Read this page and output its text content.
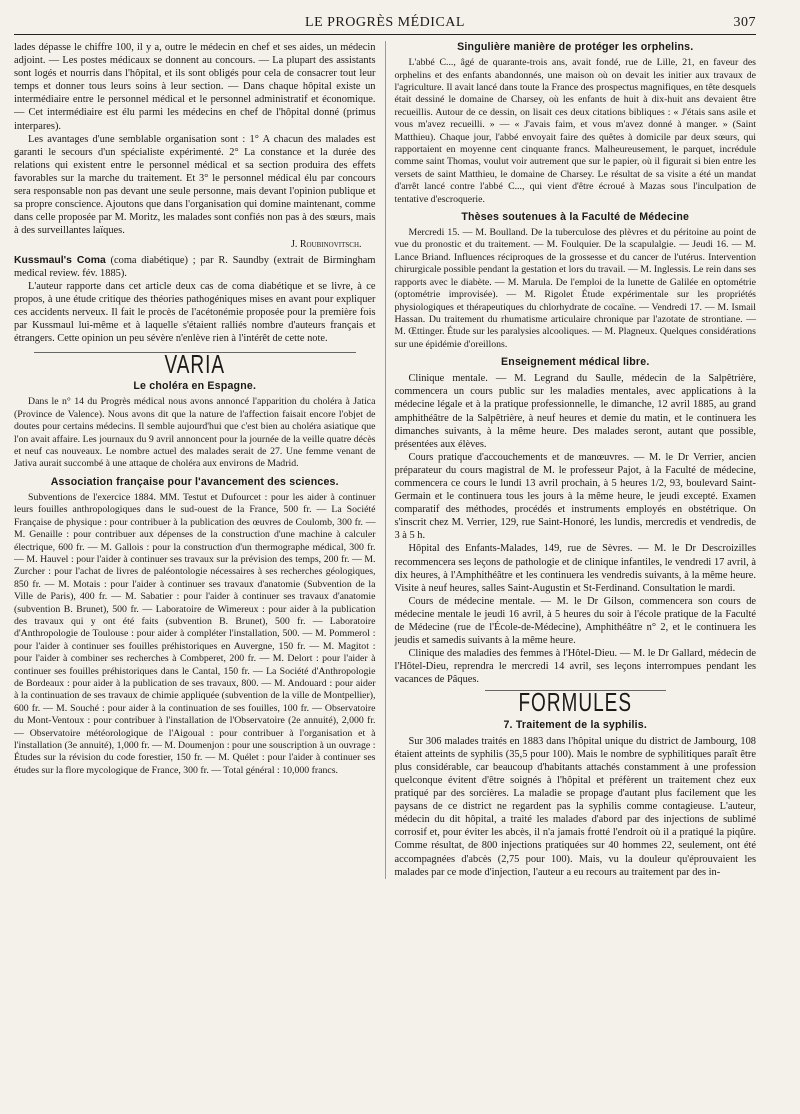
LE PROGRÈS MÉDICAL	307

lades dépasse le chiffre 100, il y a, outre le médecin en chef et ses aides, un médecin adjoint. — Les postes médicaux se donnent au concours. — La plupart des assistants sont logés et nourris dans l'hôpital, et ils sont obligés pour cela de consacrer tout leur temps et donner tous leurs soins à leur section. — Dans chaque hôpital existe un intermédiaire entre le personnel médical et le personnel administratif et économique. — Cet intermédiaire est élu parmi les médecins en chef de l'hôpital donné (primus interpares).

Les avantages d'une semblable organisation sont : 1° A chacun des malades est garanti le secours d'un spécialiste expérimenté. 2° La constance et la durée des relations qui existent entre le personnel médical et sa section produira des effets favorables sur la marche du traitement. Et 3° le personnel médical élu par concours sera responsable non pas devant une seule personne, mais devant l'opinion publique et sa propre conscience. Ajoutons que dans l'organisation qui domine maintenant, comme dans celle proposée par M. Moritz, les malades sont confiés non pas à des sœurs, mais à des surveillantes laïques.

J. Roubinovitsch.

Kussmaul's Coma (coma diabétique) ; par R. Saundby (extrait de Birmingham medical review. fév. 1885).

L'auteur rapporte dans cet article deux cas de coma diabétique et se livre, à ce propos, à une étude critique des théories pathogéniques mises en avant pour expliquer ces accidents nerveux. Il fait le procès de l'acétonémie proposée pour la première fois par Kussmaul lui-même et à laquelle s'étaient ralliés nombre d'auteurs français et étrangers. Cette opinion un peu sévère n'enlève rien à l'intérêt de cette note.

VARIA
Le choléra en Espagne.

Dans le n° 14 du Progrès médical nous avons annoncé l'apparition du choléra à Jatica (Province de Valence). Nous avons dit que la nature de l'affection faisait encore l'objet de doutes pour certains médecins. Il semble aujourd'hui que c'est bien au choléra asiatique que l'on avait affaire. Les journaux du 9 avril annoncent pour la journée de la veille quatre décès et neuf cas nouveaux. Le nombre actuel des malades serait de 27. Une femme venant de Jativa aurait succombé à une attaque de choléra aux environs de Madrid.

Association française pour l'avancement des sciences.

Subventions de l'exercice 1884. MM. Testut et Dufourcet : pour les aider à continuer leurs fouilles anthropologiques dans le sud-ouest de la France, 500 fr. — La Société Française de physique : pour contribuer à la publication des œuvres de Coulomb, 300 fr. — M. Genaille : pour contribuer aux dépenses de la construction d'une machine à calculer électrique, 600 fr. — M. Gallois : pour la construction d'un thermographe médical, 300 fr. — M. Hauvel : pour l'aider à continuer ses travaux sur la prévision des temps, 200 fr. — M. Zurcher : pour l'achat de livres de paléontologie nécessaires à ses recherches géologiques, 850 fr. — M. Motais : pour l'aider à continuer ses travaux d'anatomie (Subvention de la Ville de Paris), 400 fr. — M. Sabatier : pour l'aider à continuer ses travaux d'anatomie (subvention B. Brunet), 500 fr. — Laboratoire de Wimereux : pour aider à la publication des travaux qui y ont été faits (subvention B. Brunet), 500 fr. — Laboratoire d'Anthropologie de Toulouse : pour aider à compléter l'installation, 500. — M. Pommerol : pour l'aider à continuer ses fouilles préhistoriques en Auvergne, 150 fr. — M. Magitot : pour l'aider à combiner ses recherches à Combperet, 200 fr. — M. Delort : pour l'aider à continuer ses fouilles préhistoriques dans le Cantal, 150 fr. — La Société d'Anthropologie de Bordeaux : pour aider à la publication de ses travaux, 800. — M. Andouard : pour aider à la continuation de ses travaux de chimie appliquée (subvention de la ville de Montpellier), 600 fr. — M. Souché : pour aider à la continuation de ses fouilles, 100 fr. — Observatoire du Mont-Ventoux : pour contribuer à l'installation de l'Observatoire (2e annuité), 2,000 fr. — Observatoire météorologique de l'Aigoual : pour contribuer à l'organisation et à l'installation (3e annuité), 1,000 fr. — M. Doumenjon : pour une souscription à un ouvrage : Études sur la révision du code forestier, 150 fr. — M. Quélet : pour l'aider à continuer ses études sur la flore mycologique de France, 300 fr. — Total général : 10,000 francs.

Singulière manière de protéger les orphelins.

L'abbé C..., âgé de quarante-trois ans, avait fondé, rue de Lille, 21, en faveur des orphelins et des enfants abandonnés, une maison où on devait les initier aux travaux de l'agriculture. Il avait lancé dans toute la France des prospectus magnifiques, en tête desquels était dessiné le domaine de Charsey, où les enfants de huit à dix-huit ans devaient être recueillis. Autour de ce dessin, on lisait ces deux citations bibliques : « J'étais sans asile et vous m'avez recueilli. » — « J'avais faim, et vous m'avez donné à manger. » (Saint Matthieu). Chaque jour, l'abbé envoyait faire des quêtes à domicile par deux sœurs, qui rapportaient en moyenne cent cinquante francs. Malheureusement, le parquet, incrédule comme saint Thomas, voulut voir autrement que sur le papier, où il figurait si bien entre les versets de saint Matthieu, le domaine de Charsey. Le résultat de sa visite a été un mandat d'arrêt lancé contre l'abbé C..., qui vient d'être écroué à Mazas sous l'inculpation de tentative d'escroquerie.

Thèses soutenues à la Faculté de Médecine

Mercredi 15. — M. Boulland. De la tuberculose des plèvres et du péritoine au point de vue du pronostic et du traitement. — M. Foulquier. De la scapulalgie. — Jeudi 16. — M. Lance Briand. Influences réciproques de la grossesse et du cancer de l'utérus. Intervention chirurgicale possible pendant la gestation et lors du travail. — M. Inglessis. Le rein dans ses rapports avec le diabète. — M. Marula. De l'emploi de la lunette de Galilée en optométrie (optométrie improvisée). — M. Rigolet Étude expérimentale sur les propriétés physiologiques et thérapeutiques du chlorhydrate de cocaïne. — Vendredi 17. — M. Ismail Hassan. Du traitement du rhumatisme articulaire chronique par l'azotate de strontiane. — M. Œttinger. Étude sur les paralysies alcooliques. — M. Plagneux. Quelques considérations sur une épidémie d'oreillons.

Enseignement médical libre.

Clinique mentale. — M. Legrand du Saulle, médecin de la Salpêtrière, commencera un cours public sur les maladies mentales, avec applications à la médecine légale et à la pratique professionnelle, le dimanche, 12 avril 1885, au grand amphithéâtre de la Salpêtrière, à neuf heures et demie du matin, et le continuera les dimanches suivants, à la même heure. Des malades seront, autant que possible, présentées aux élèves.

Cours pratique d'accouchements et de manœuvres. — M. le Dr Verrier, ancien préparateur du cours magistral de M. le professeur Pajot, à la Faculté de médecine, commencera ce cours le lundi 13 avril prochain, à 5 heures 1/2, 93, boulevard Saint-Germain et le continuera tous les jours à la même heure, le jeudi excepté. Examen comparatif des méthodes, procédés et instruments employés en obstétrique. On s'inscrit chez M. Verrier, 129, rue Saint-Honoré, les lundis, mercredis et vendredis, de 3 à 5 h.

Hôpital des Enfants-Malades, 149, rue de Sèvres. — M. le Dr Descroizilles recommencera ses leçons de pathologie et de clinique infantiles, le vendredi 17 avril, à dix heures, à l'Amphithéâtre et les continuera les vendredis suivants, à la même heure. Visite à neuf heures, salles Saint-Augustin et St-Ferdinand. Consultation le mardi.

Cours de médecine mentale. — M. le Dr Gilson, commencera son cours de médecine mentale le jeudi 16 avril, à 5 heures du soir à l'école pratique de la Faculté de Médecine (rue de l'École-de-Médecine), Amphithéâtre n° 2, et le continuera les jeudis et samedis suivants à la même heure.

Clinique des maladies des femmes à l'Hôtel-Dieu. — M. le Dr Gallard, médecin de l'Hôtel-Dieu, reprendra le mercredi 14 avril, ses leçons interrompues pendant les vacances de Pâques.

FORMULES
7. Traitement de la syphilis.

Sur 306 malades traités en 1883 dans l'hôpital unique du district de Jambourg, 108 étaient atteints de syphilis (35,5 pour 100). Mais le nombre de syphilitiques paraît être plus considérable, car beaucoup d'habitants attachés constamment à une profession quelconque évitent d'être soignés à l'hôpital et préfèrent un traitement chez eux pratiqué par des sorcières. La maladie se propage d'autant plus facilement que les paysans de ce district ne regardent pas la syphilis comme contagieuse. L'auteur, médecin du dit hôpital, a traité les malades d'abord par des injections de sublimé corrosif et, pour éviter les abcès, il n'a jamais frotté l'endroit où il a pratiqué la piqûre. Comme résultat, de 800 injections pratiquées sur 40 hommes 22, seulement, ont été accompagnées d'abcès (2,75 pour 100). Mais, vu la douleur qu'éprouvaient les malades par ce mode d'injection, l'auteur a eu recours au traitement par des in-
